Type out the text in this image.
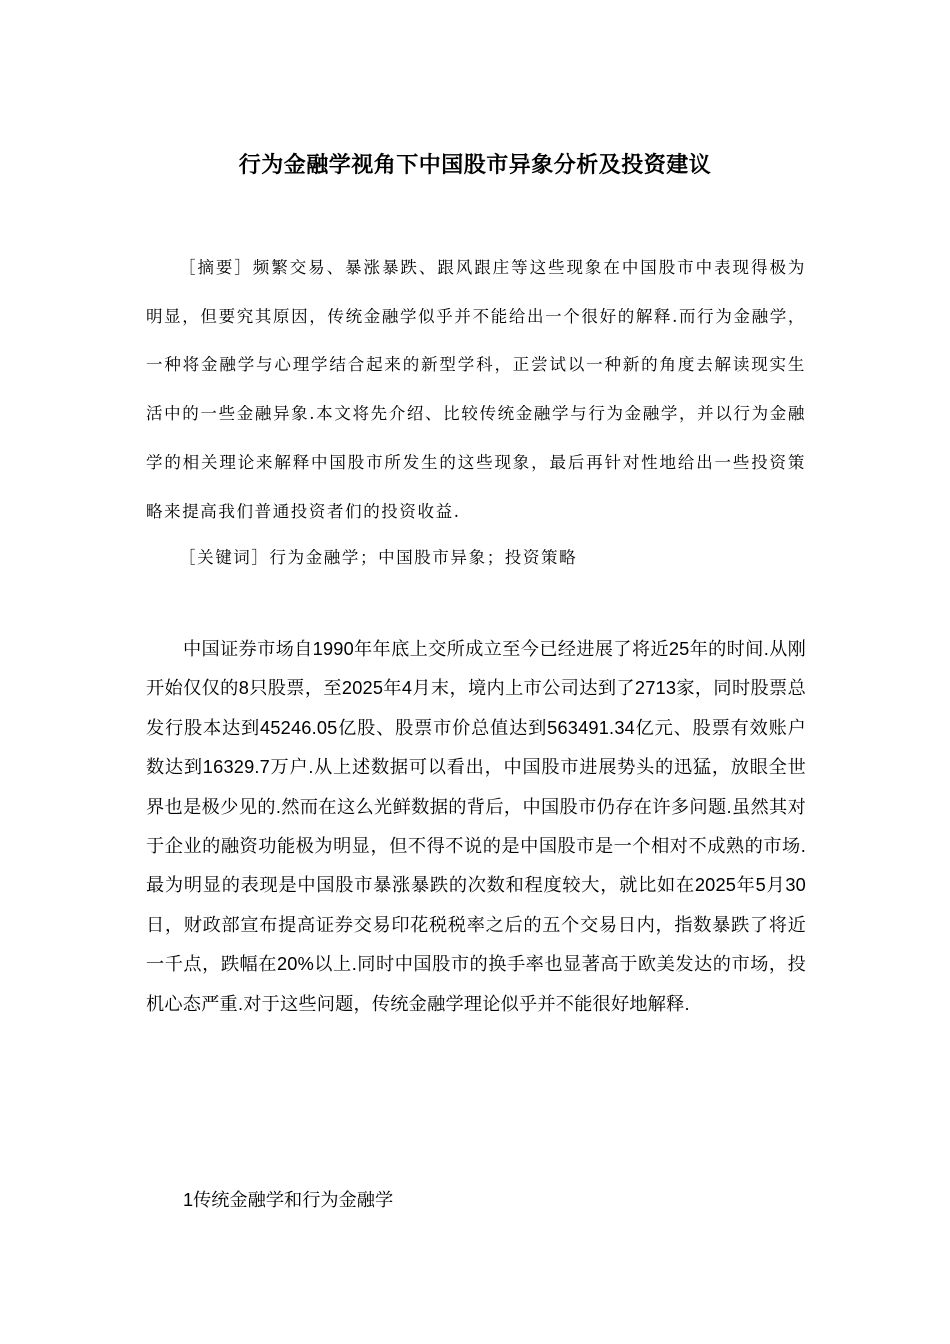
行为金融学视角下中国股市异象分析及投资建议

［摘要］频繁交易、暴涨暴跌、跟风跟庄等这些现象在中国股市中表现得极为明显，但要究其原因，传统金融学似乎并不能给出一个很好的解释.而行为金融学，一种将金融学与心理学结合起来的新型学科，正尝试以一种新的角度去解读现实生活中的一些金融异象.本文将先介绍、比较传统金融学与行为金融学，并以行为金融学的相关理论来解释中国股市所发生的这些现象，最后再针对性地给出一些投资策略来提高我们普通投资者们的投资收益.

［关键词］行为金融学；中国股市异象；投资策略

中国证券市场自1990年年底上交所成立至今已经进展了将近25年的时间.从刚开始仅仅的8只股票，至2025年4月末，境内上市公司达到了2713家，同时股票总发行股本达到45246.05亿股、股票市价总值达到563491.34亿元、股票有效账户数达到16329.7万户.从上述数据可以看出，中国股市进展势头的迅猛，放眼全世界也是极少见的.然而在这么光鲜数据的背后，中国股市仍存在许多问题.虽然其对于企业的融资功能极为明显，但不得不说的是中国股市是一个相对不成熟的市场.最为明显的表现是中国股市暴涨暴跌的次数和程度较大，就比如在2025年5月30日，财政部宣布提高证券交易印花税税率之后的五个交易日内，指数暴跌了将近一千点，跌幅在20%以上.同时中国股市的换手率也显著高于欧美发达的市场，投机心态严重.对于这些问题，传统金融学理论似乎并不能很好地解释.

1传统金融学和行为金融学
